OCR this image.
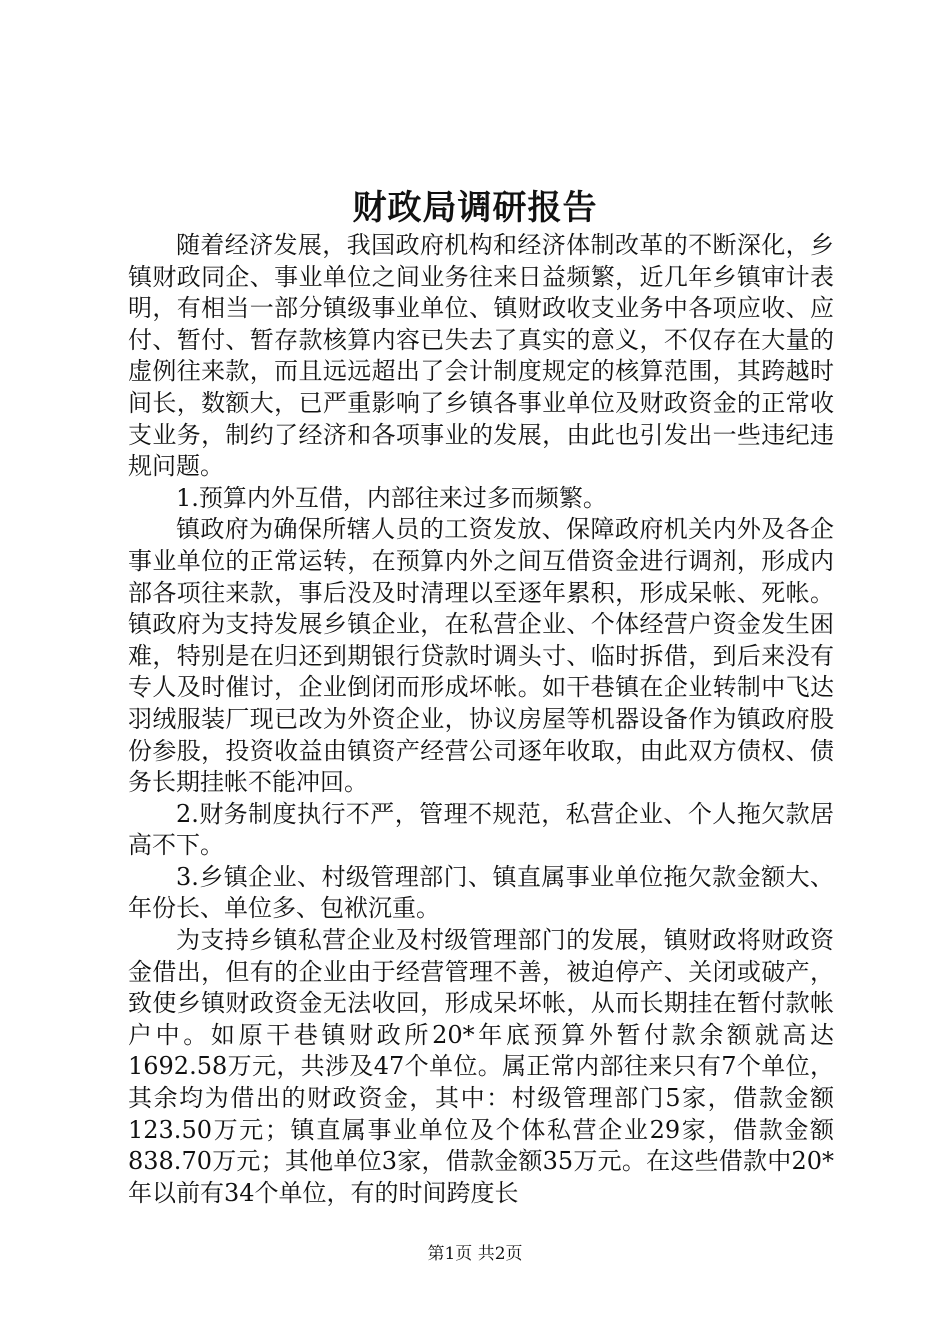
财政局调研报告

随着经济发展，我国政府机构和经济体制改革的不断深化，乡镇财政同企、事业单位之间业务往来日益频繁，近几年乡镇审计表明，有相当一部分镇级事业单位、镇财政收支业务中各项应收、应付、暂付、暂存款核算内容已失去了真实的意义，不仅存在大量的虚例往来款，而且远远超出了会计制度规定的核算范围，其跨越时间长，数额大，已严重影响了乡镇各事业单位及财政资金的正常收支业务，制约了经济和各项事业的发展，由此也引发出一些违纪违规问题。

1.预算内外互借，内部往来过多而频繁。

镇政府为确保所辖人员的工资发放、保障政府机关内外及各企事业单位的正常运转，在预算内外之间互借资金进行调剂，形成内部各项往来款，事后没及时清理以至逐年累积，形成呆帐、死帐。镇政府为支持发展乡镇企业，在私营企业、个体经营户资金发生困难，特别是在归还到期银行贷款时调头寸、临时拆借，到后来没有专人及时催讨，企业倒闭而形成坏帐。如干巷镇在企业转制中飞达羽绒服装厂现已改为外资企业，协议房屋等机器设备作为镇政府股份参股，投资收益由镇资产经营公司逐年收取，由此双方债权、债务长期挂帐不能冲回。

2.财务制度执行不严，管理不规范，私营企业、个人拖欠款居高不下。

3.乡镇企业、村级管理部门、镇直属事业单位拖欠款金额大、年份长、单位多、包袱沉重。

为支持乡镇私营企业及村级管理部门的发展，镇财政将财政资金借出，但有的企业由于经营管理不善，被迫停产、关闭或破产，致使乡镇财政资金无法收回，形成呆坏帐，从而长期挂在暂付款帐户中。如原干巷镇财政所20*年底预算外暂付款余额就高达1692.58万元，共涉及47个单位。属正常内部往来只有7个单位，其余均为借出的财政资金，其中：村级管理部门5家，借款金额123.50万元；镇直属事业单位及个体私营企业29家，借款金额838.70万元；其他单位3家，借款金额35万元。在这些借款中20*年以前有34个单位，有的时间跨度长

第1页 共2页
